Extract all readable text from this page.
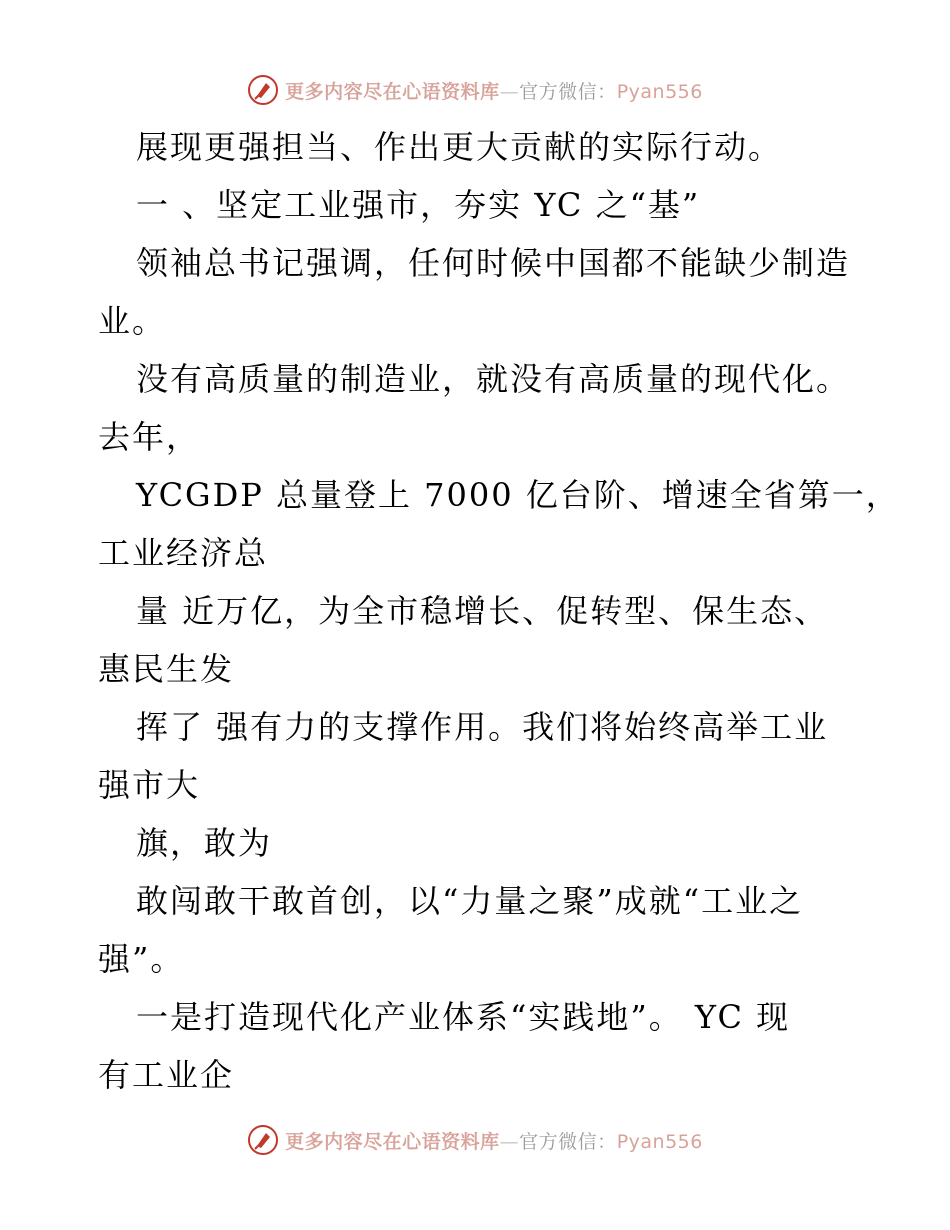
更多内容尽在心语资料库—官方微信：Pyan556
展现更强担当、作出更大贡献的实际行动。
一 、坚定工业强市，夯实 YC 之“基”
领袖总书记强调，任何时候中国都不能缺少制造
业。
没有高质量的制造业，就没有高质量的现代化。
去年，
YCGDP 总量登上 7000 亿台阶、增速全省第一，
工业经济总
量 近万亿，为全市稳增长、促转型、保生态、
惠民生发
挥了 强有力的支撑作用。我们将始终高举工业
强市大
旗，敢为
敢闯敢干敢首创，以“力量之聚”成就“工业之
强”。
一是打造现代化产业体系“实践地”。 YC 现
有工业企
更多内容尽在心语资料库—官方微信：Pyan556
